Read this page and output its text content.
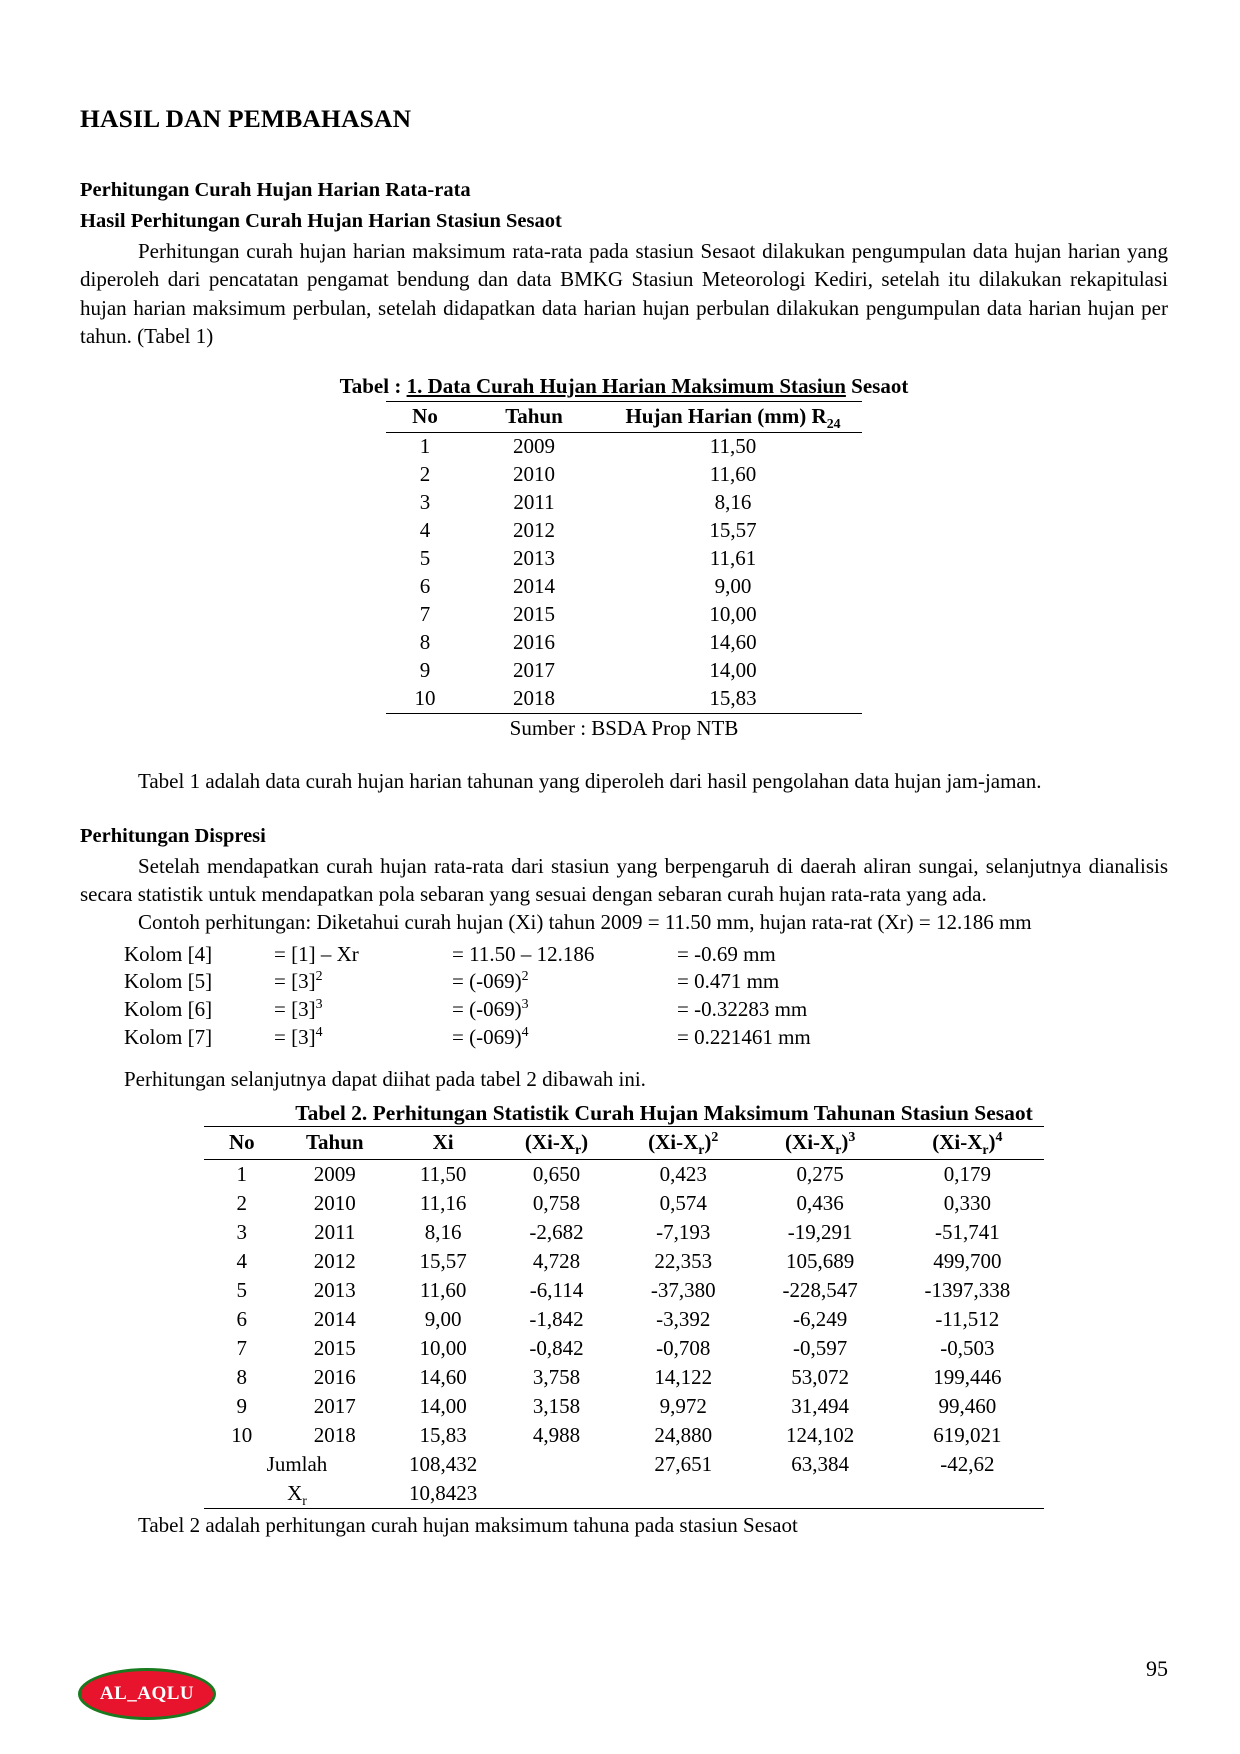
HASIL DAN PEMBAHASAN
Perhitungan Curah Hujan Harian Rata-rata
Hasil Perhitungan Curah Hujan Harian Stasiun Sesaot

Perhitungan curah hujan harian maksimum rata-rata pada stasiun Sesaot dilakukan pengumpulan data hujan harian yang diperoleh dari pencatatan pengamat bendung dan data BMKG Stasiun Meteorologi Kediri, setelah itu dilakukan rekapitulasi hujan harian maksimum perbulan, setelah didapatkan data harian hujan perbulan dilakukan pengumpulan data harian hujan per tahun. (Tabel 1)

Tabel : 1. Data Curah Hujan Harian Maksimum Stasiun Sesaot
No	Tahun	Hujan Harian (mm) $R_{24}$
1	2009	11,50
2	2010	11,60
3	2011	8,16
4	2012	15,57
5	2013	11,61
6	2014	9,00
7	2015	10,00
8	2016	14,60
9	2017	14,00
10	2018	15,83
Sumber : BSDA Prop NTB

Tabel 1 adalah data curah hujan harian tahunan yang diperoleh dari hasil pengolahan data hujan jam-jaman.

Perhitungan Dispresi

Setelah mendapatkan curah hujan rata-rata dari stasiun yang berpengaruh di daerah aliran sungai, selanjutnya dianalisis secara statistik untuk mendapatkan pola sebaran yang sesuai dengan sebaran curah hujan rata-rata yang ada.

Contoh perhitungan: Diketahui curah hujan (Xi) tahun 2009 = 11.50 mm, hujan rata-rat (Xr) = 12.186 mm

Kolom [4]	= [1] – Xr	= 11.50 – 12.186	= -0.69 mm
Kolom [5]	= $[3]^2$	= $(-069)^2$	= 0.471 mm
Kolom [6]	= $[3]^3$	= $(-069)^3$	= -0.32283 mm
Kolom [7]	= $[3]^4$	= $(-069)^4$	= 0.221461 mm

Perhitungan selanjutnya dapat diihat pada tabel 2 dibawah ini.

Tabel 2. Perhitungan Statistik Curah Hujan Maksimum Tahunan Stasiun Sesaot
No	Tahun	Xi	$(Xi-X_r)$	$(Xi-X_r)^2$	$(Xi-X_r)^3$	$(Xi-X_r)^4$
1	2009	11,50	0,650	0,423	0,275	0,179
2	2010	11,16	0,758	0,574	0,436	0,330
3	2011	8,16	-2,682	-7,193	-19,291	-51,741
4	2012	15,57	4,728	22,353	105,689	499,700
5	2013	11,60	-6,114	-37,380	-228,547	-1397,338
6	2014	9,00	-1,842	-3,392	-6,249	-11,512
7	2015	10,00	-0,842	-0,708	-0,597	-0,503
8	2016	14,60	3,758	14,122	53,072	199,446
9	2017	14,00	3,158	9,972	31,494	99,460
10	2018	15,83	4,988	24,880	124,102	619,021
Jumlah		108,432		27,651	63,384	-42,62
$X_r$		10,8423				
Tabel 2 adalah perhitungan curah hujan maksimum tahuna pada stasiun Sesaot
AL_AQLU
95
